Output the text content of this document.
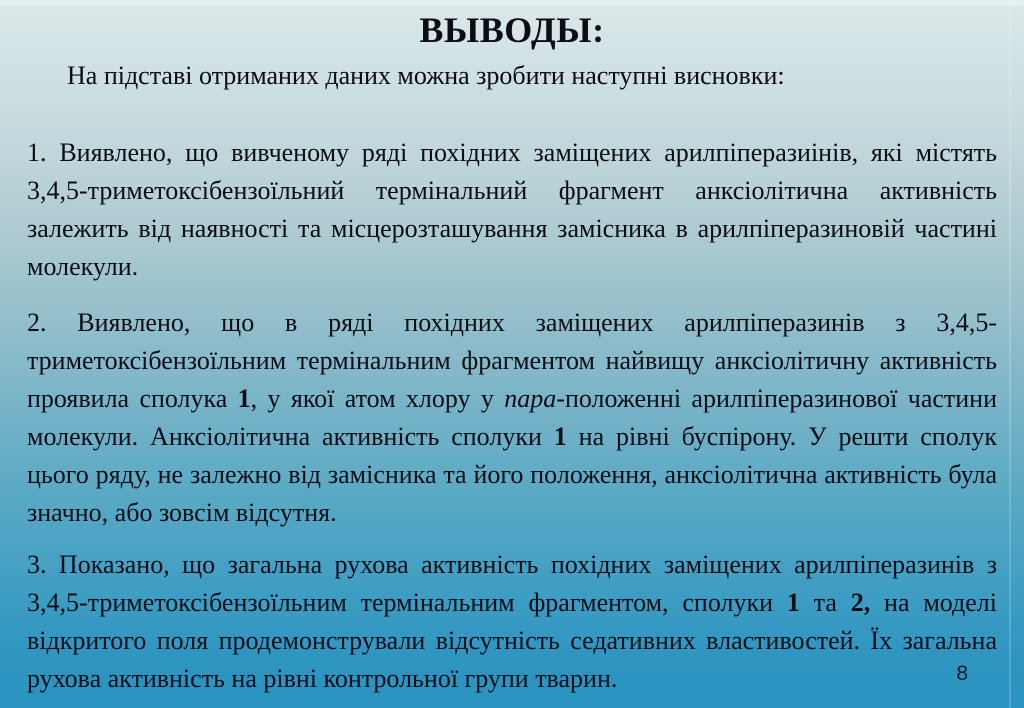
ВЫВОДЫ:
На підставі отриманих даних можна зробити наступні висновки:
1. Виявлено, що вивченому ряді похідних заміщених арилпіперазиінів, які містять 3,4,5-триметоксібензоїльний термінальний фрагмент анксіолітична активність залежить від наявності та місцерозташування замісника в арилпіперазиновій частині молекули.
2. Виявлено, що в ряді похідних заміщених арилпіперазинів з 3,4,5-триметоксібензоїльним термінальним фрагментом найвищу анксіолітичну активність проявила сполука 1, у якої атом хлору у пара-положенні арилпіперазинової частини молекули. Анксіолітична активність сполуки 1 на рівні буспірону. У решти сполук цього ряду, не залежно від замісника та його положення, анксіолітична активність була значно, або зовсім відсутня.
3. Показано, що загальна рухова активність похідних заміщених арилпіперазинів з 3,4,5-триметоксібензоїльним термінальним фрагментом, сполуки 1 та 2, на моделі відкритого поля продемонстрували відсутність седативних властивостей. Їх загальна рухова активність на рівні контрольної групи тварин.	8
